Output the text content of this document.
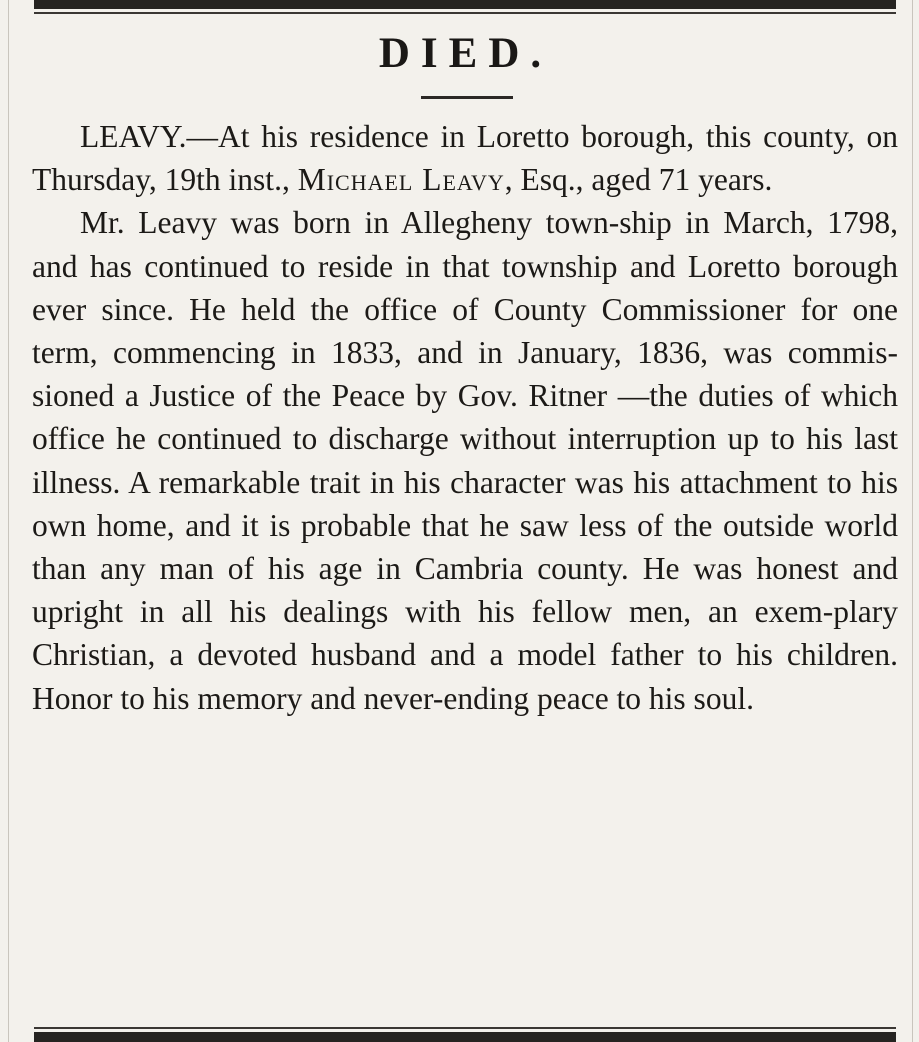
DIED.

LEAVY.—At his residence in Loretto borough, this county, on Thursday, 19th inst., Michael Leavy, Esq., aged 71 years.

Mr. Leavy was born in Allegheny town-ship in March, 1798, and has continued to reside in that township and Loretto borough ever since. He held the office of County Commissioner for one term, commencing in 1833, and in January, 1836, was commis-sioned a Justice of the Peace by Gov. Ritner —the duties of which office he continued to discharge without interruption up to his last illness. A remarkable trait in his character was his attachment to his own home, and it is probable that he saw less of the outside world than any man of his age in Cambria county. He was honest and upright in all his dealings with his fellow men, an exem-plary Christian, a devoted husband and a model father to his children. Honor to his memory and never-ending peace to his soul.
